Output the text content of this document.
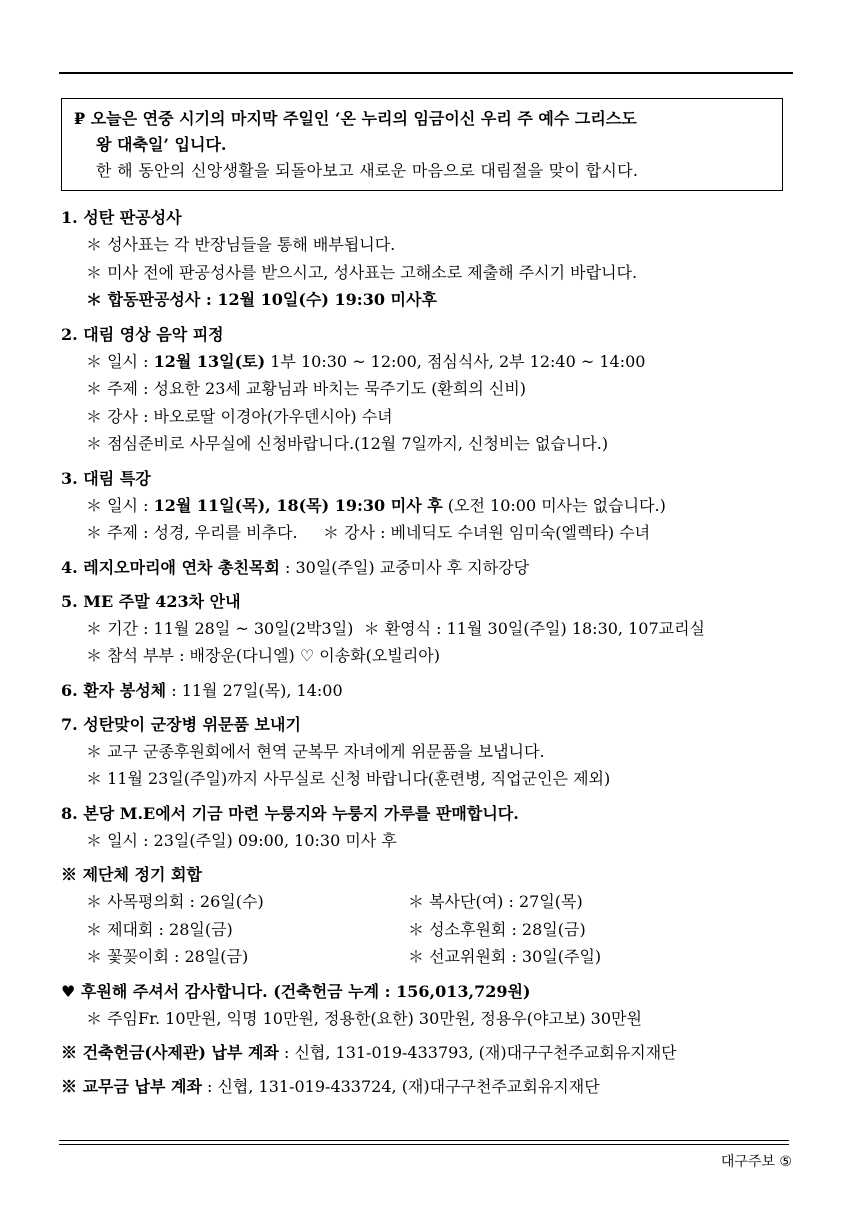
₽ 오늘은 연중 시기의 마지막 주일인 ‘온 누리의 임금이신 우리 주 예수 그리스도
왕 대축일’ 입니다.
한 해 동안의 신앙생활을 되돌아보고 새로운 마음으로 대림절을 맞이 합시다.
1. 성탄 판공성사
＊ 성사표는 각 반장님들을 통해 배부됩니다.
＊ 미사 전에 판공성사를 받으시고, 성사표는 고해소로 제출해 주시기 바랍니다.
＊ 합동판공성사 : 12월 10일(수) 19:30 미사후
2. 대림 영상 음악 피정
＊ 일시 : 12월 13일(토) 1부 10:30 ~ 12:00, 점심식사, 2부 12:40 ~ 14:00
＊ 주제 : 성요한 23세 교황님과 바치는 묵주기도 (환희의 신비)
＊ 강사 : 바오로딸 이경아(가우덴시아) 수녀
＊ 점심준비로 사무실에 신청바랍니다.(12월 7일까지, 신청비는 없습니다.)
3. 대림 특강
＊ 일시 : 12월 11일(목), 18(목) 19:30 미사 후 (오전 10:00 미사는 없습니다.)
＊ 주제 : 성경, 우리를 비추다.     ＊ 강사 : 베네딕도 수녀원 임미숙(엘렉타) 수녀
4. 레지오마리애 연차 총친목회 : 30일(주일) 교중미사 후 지하강당
5. ME 주말 423차 안내
＊ 기간 : 11월 28일 ~ 30일(2박3일)  ＊ 환영식 : 11월 30일(주일) 18:30, 107교리실
＊ 참석 부부 : 배장운(다니엘) ♡ 이송화(오빌리아)
6. 환자 봉성체 : 11월 27일(목), 14:00
7. 성탄맞이 군장병 위문품 보내기
＊ 교구 군종후원회에서 현역 군복무 자녀에게 위문품을 보냅니다.
＊ 11월 23일(주일)까지 사무실로 신청 바랍니다(훈련병, 직업군인은 제외)
8. 본당 M.E에서 기금 마련 누룽지와 누룽지 가루를 판매합니다.
＊ 일시 : 23일(주일) 09:00, 10:30 미사 후
※ 제단체 정기 회합
＊ 사목평의회 : 26일(수)	＊ 복사단(여) : 27일(목)
＊ 제대회 : 28일(금)	＊ 성소후원회 : 28일(금)
＊ 꽃꽂이회 : 28일(금)	＊ 선교위원회 : 30일(주일)
♥ 후원해 주셔서 감사합니다. (건축헌금 누계 : 156,013,729원)
＊ 주임Fr. 10만원, 익명 10만원, 정용한(요한) 30만원, 정용우(야고보) 30만원
※ 건축헌금(사제관) 납부 계좌 : 신협, 131-019-433793, (재)대구구천주교회유지재단
※ 교무금 납부 계좌 : 신협, 131-019-433724, (재)대구구천주교회유지재단
대구주보 ⑤
